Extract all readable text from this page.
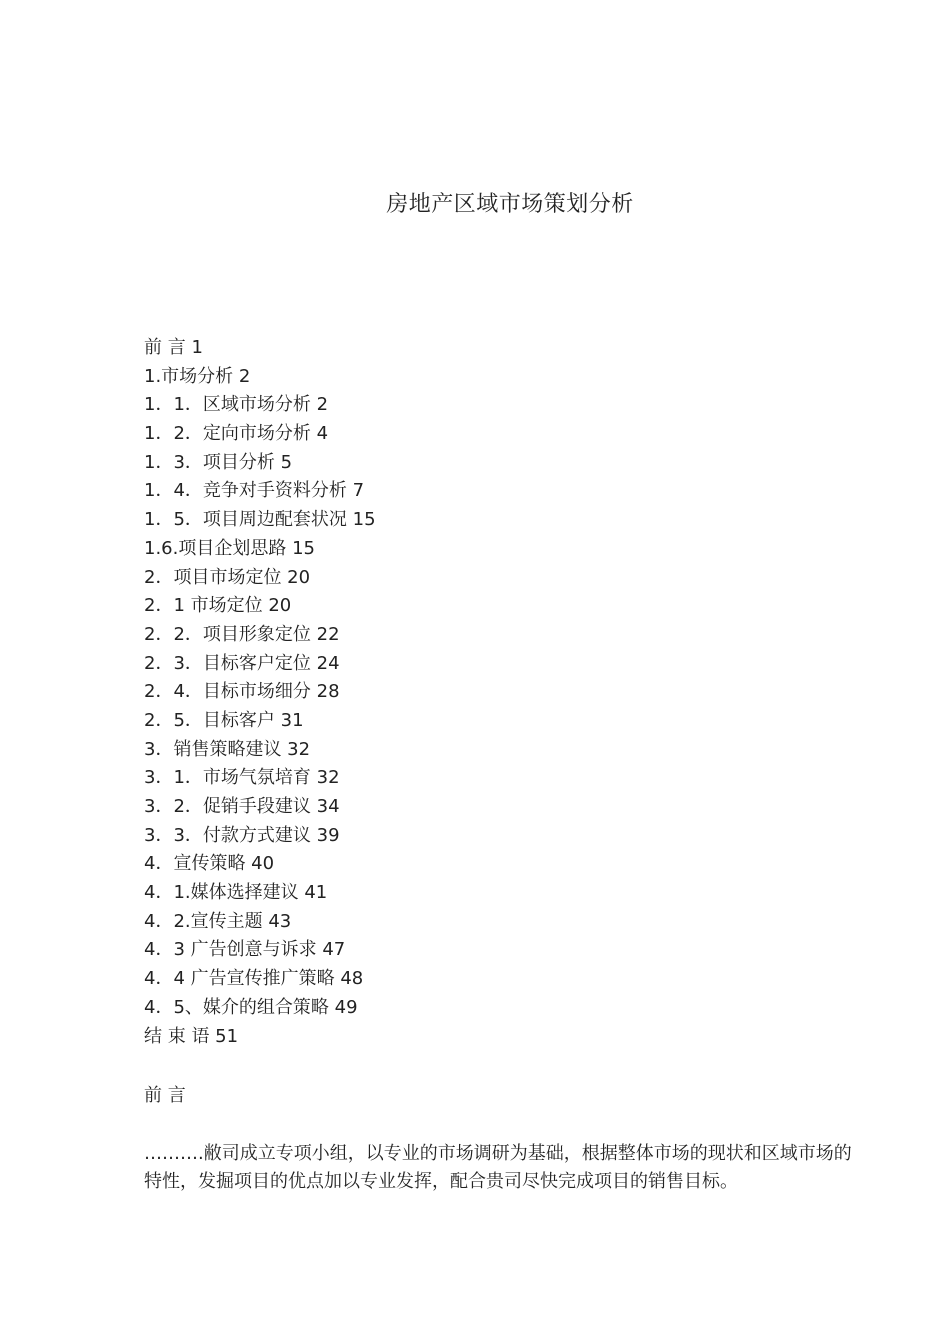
房地产区域市场策划分析
前 言 1
1.市场分析 2
1．1．区域市场分析 2
1．2．定向市场分析 4
1．3．项目分析 5
1．4．竞争对手资料分析 7
1．5．项目周边配套状况 15
1.6.项目企划思路 15
2．项目市场定位 20
2．1 市场定位 20
2．2．项目形象定位 22
2．3．目标客户定位 24
2．4．目标市场细分 28
2．5．目标客户 31
3．销售策略建议 32
3．1．市场气氛培育 32
3．2．促销手段建议 34
3．3．付款方式建议 39
4．宣传策略 40
4．1.媒体选择建议 41
4．2.宣传主题 43
4．3 广告创意与诉求 47
4．4 广告宣传推广策略 48
4．5、媒介的组合策略 49
结 束 语 51
前 言

……….敝司成立专项小组，以专业的市场调研为基础，根据整体市场的现状和区域市场的特性，发掘项目的优点加以专业发挥，配合贵司尽快完成项目的销售目标。
